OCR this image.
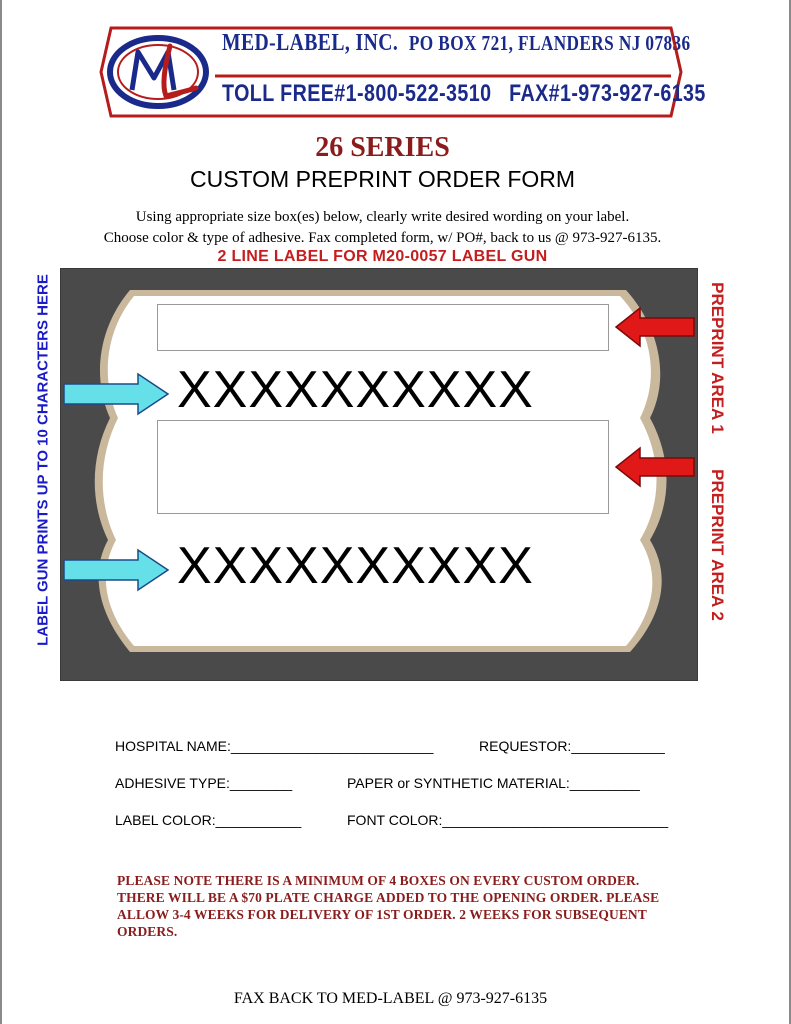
MED-LABEL, INC. PO BOX 721, FLANDERS NJ 07836
TOLL FREE#1-800-522-3510 FAX#1-973-927-6135
26 SERIES
CUSTOM PREPRINT ORDER FORM
Using appropriate size box(es) below, clearly write desired wording on your label.
Choose color & type of adhesive. Fax completed form, w/ PO#, back to us @ 973-927-6135.
2 LINE LABEL FOR M20-0057 LABEL GUN
LABEL GUN PRINTS UP TO 10 CHARACTERS HERE	PREPRINT AREA 1
PREPRINT AREA 2
XXXXXXXXXX
XXXXXXXXXX
HOSPITAL NAME:__________________________	REQUESTOR:____________
ADHESIVE TYPE:________	PAPER or SYNTHETIC MATERIAL:_________
LABEL COLOR:___________	FONT COLOR:_____________________________
PLEASE NOTE THERE IS A MINIMUM OF 4 BOXES ON EVERY CUSTOM ORDER. THERE WILL BE A $70 PLATE CHARGE ADDED TO THE OPENING ORDER. PLEASE ALLOW 3-4 WEEKS FOR DELIVERY OF 1ST ORDER. 2 WEEKS FOR SUBSEQUENT ORDERS.
FAX BACK TO MED-LABEL @ 973-927-6135
